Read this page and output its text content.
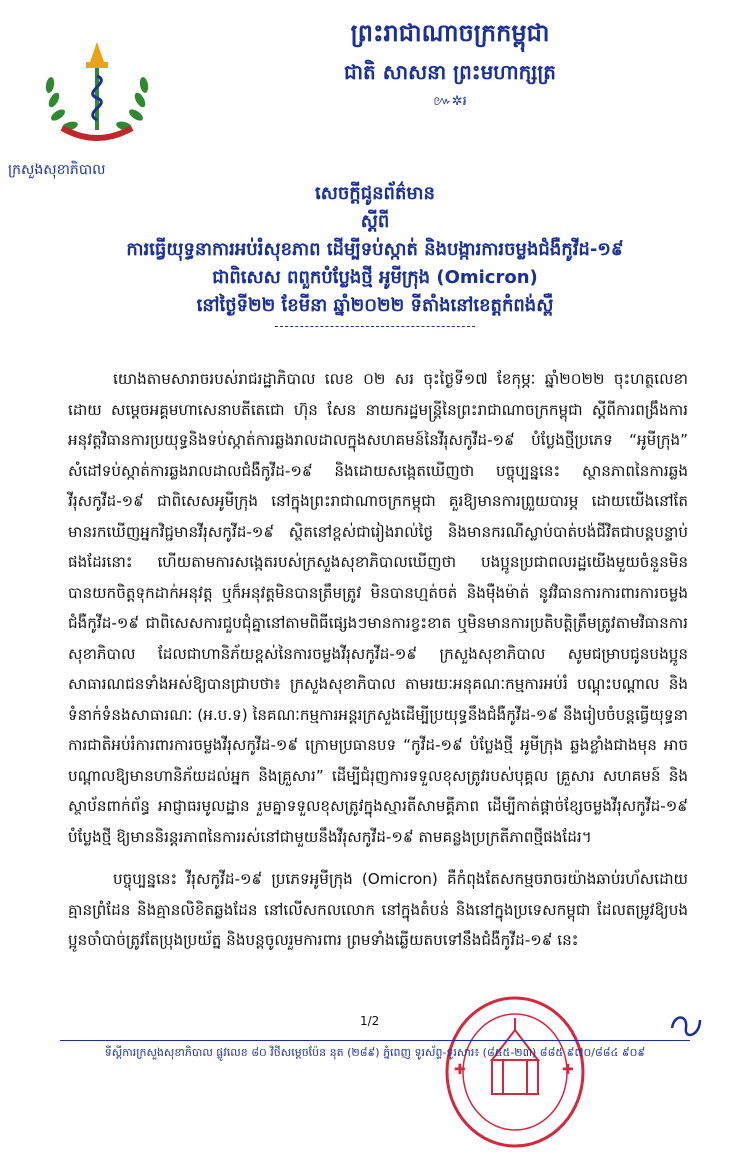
ក្រសួងសុខាភិបាល
ព្រះរាជាណាចក្រកម្ពុជា
ជាតិ សាសនា ព្រះមហាក្សត្រ
៚✲៛
សេចក្តីជូនព័ត៌មាន
ស្តីពី
ការធ្វើយុទ្ធនាការអប់រំសុខភាព ដើម្បីទប់ស្កាត់ និងបង្ការការចម្លងជំងឺកូវីដ-១៩
ជាពិសេស ពពួកបំប្លែងថ្មី អូមីក្រុង (Omicron)
នៅថ្ងៃទី២២ ខែមីនា ឆ្នាំ២០២២ ទីតាំងនៅខេត្តកំពង់ស្ពឺ

យោងតាមសារាចរបស់រាជរដ្ឋាភិបាល លេខ ០២ សរ ចុះថ្ងៃទី១៧ ខែកុម្ភៈ ឆ្នាំ២០២២ ចុះហត្ថលេខាដោយ សម្តេចអគ្គមហាសេនាបតីតេជោ ហ៊ុន សែន នាយករដ្ឋមន្រ្តីនៃព្រះរាជាណាចក្រកម្ពុជា ស្តីពីការពង្រឹងការអនុវត្តវិធានការប្រយុទ្ធនិងទប់ស្កាត់ការឆ្លងរាលដាលក្នុងសហគមន៍នៃវីរុសកូវីដ-១៩ បំប្លែងថ្មីប្រភេទ “អូមីក្រុង” សំដៅទប់ស្កាត់ការឆ្លងរាលដាលជំងឺកូវីដ-១៩ និងដោយសង្កេតឃើញថា បច្ចុប្បន្ននេះ ស្ថានភាពនៃការឆ្លងវីរុសកូវីដ-១៩ ជាពិសេសអូមីក្រុង នៅក្នុងព្រះរាជាណាចក្រកម្ពុជា គួរឱ្យមានការព្រួយបារម្ភ ដោយយើងនៅតែមានរកឃើញអ្នកវិជ្ជមានវីរុសកូវីដ-១៩ ស្ថិតនៅខ្ពស់ជារៀងរាល់ថ្ងៃ និងមានករណីស្លាប់បាត់បង់ជីវិតជាបន្តបន្ទាប់ផងដែរនោះ ហើយតាមការសង្កេតរបស់ក្រសួងសុខាភិបាលឃើញថា បងប្អូនប្រជាពលរដ្ឋយើងមួយចំនួនមិនបានយកចិត្តទុកដាក់អនុវត្ត ឬក៏អនុវត្តមិនបានត្រឹមត្រូវ មិនបានហ្មត់ចត់ និងម៉ឺងម៉ាត់ នូវវិធានការការពារការចម្លងជំងឺកូវីដ-១៩ ជាពិសេសការជួបជុំគ្នានៅតាមពិធីផ្សេងៗមានការខ្វះខាត ឬមិនមានការប្រតិបត្តិត្រឹមត្រូវតាមវិធានការសុខាភិបាល ដែលជាហានិភ័យខ្ពស់នៃការចម្លងវីរុសកូវីដ-១៩ ក្រសួងសុខាភិបាល សូមជម្រាបជូនបងប្អូនសាធារណជនទាំងអស់ឱ្យបានជ្រាបថា៖ ក្រសួងសុខាភិបាល តាមរយៈអនុគណៈកម្មការអប់រំ បណ្តុះបណ្តាល និងទំនាក់ទំនងសាធារណៈ (អ.ប.ទ) នៃគណៈកម្មការអន្តរក្រសួងដើម្បីប្រយុទ្ធនឹងជំងឺកូវីដ-១៩ នឹងរៀបចំបន្តធ្វើយុទ្ធនាការជាតិអប់រំការពារការចម្លងវីរុសកូវីដ-១៩ ក្រោមប្រធានបទ “កូវីដ-១៩ បំប្លែងថ្មី អូមីក្រុង ឆ្លងខ្លាំងជាងមុន អាចបណ្តាលឱ្យមានហានិភ័យដល់អ្នក និងគ្រួសារ” ដើម្បីជំរុញការទទួលខុសត្រូវរបស់បុគ្គល គ្រួសារ សហគមន៍ និងស្ថាប័នពាក់ព័ន្ធ អាជ្ញាធរមូលដ្ឋាន រួមគ្នាទទួលខុសត្រូវក្នុងស្មារតីសាមគ្គីភាព ដើម្បីកាត់ផ្តាច់ខ្សែចម្លងវីរុសកូវីដ-១៩ បំប្លែងថ្មី ឱ្យមាននិរន្តរភាពនៃការរស់នៅជាមួយនឹងវីរុសកូវីដ-១៩ តាមគន្លងប្រក្រតីភាពថ្មីផងដែរ។

បច្ចុប្បន្ននេះ វីរុសកូវីដ-១៩ ប្រភេទអូមីក្រុង (Omicron) គឺកំពុងតែសកម្មចរាចរយ៉ាងឆាប់រហ័សដោយគ្មានព្រំដែន និងគ្មានលិខិតឆ្លងដែន នៅលើសកលលោក នៅក្នុងតំបន់ និងនៅក្នុងប្រទេសកម្ពុជា ដែលតម្រូវឱ្យបងប្អូនចាំបាច់ត្រូវតែប្រុងប្រយ័ត្ន និងបន្តចូលរួមការពារ ព្រមទាំងឆ្លើយតបទៅនឹងជំងឺកូវីដ-១៩ នេះ

✚	✚
1/2
ទីស្តីការក្រសួងសុខាភិបាល ផ្លូវលេខ ៨០ វិថីសម្តេចប៉ែន នុត (២៨៩) ភ្នំពេញ ទូរស័ព្ទ-ទូរសារ៖ (៨៥៥-២៣) ៨៨៥ ៩៧០/៨៨៤ ៩០៩
